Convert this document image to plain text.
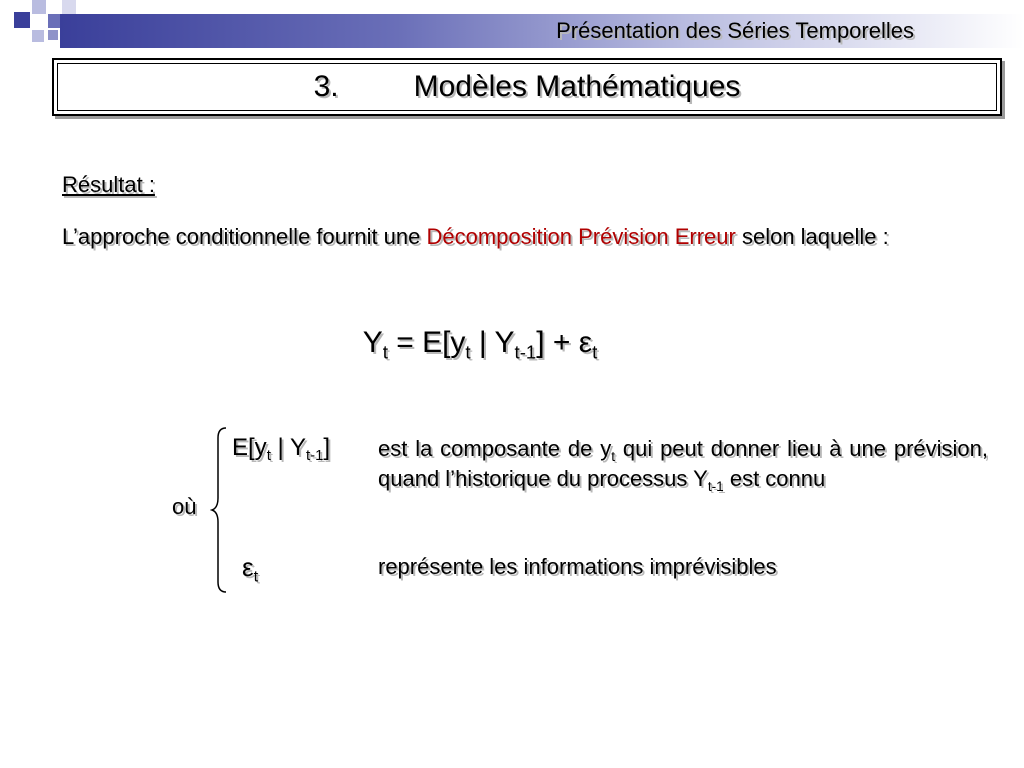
Présentation des Séries Temporelles
3. Modèles Mathématiques
Résultat :
L’approche conditionnelle fournit une Décomposition Prévision Erreur selon laquelle :
$Y_t = E[y_t$ | $Y_{t-1}] + \varepsilon_t$
où
$E[y_t$ | $Y_{t-1}$] est la composante de $y_t$ qui peut donner lieu à une prévision, quand l’historique du processus $Y_{t-1}$ est connu
$\varepsilon_t$	représente les informations imprévisibles
